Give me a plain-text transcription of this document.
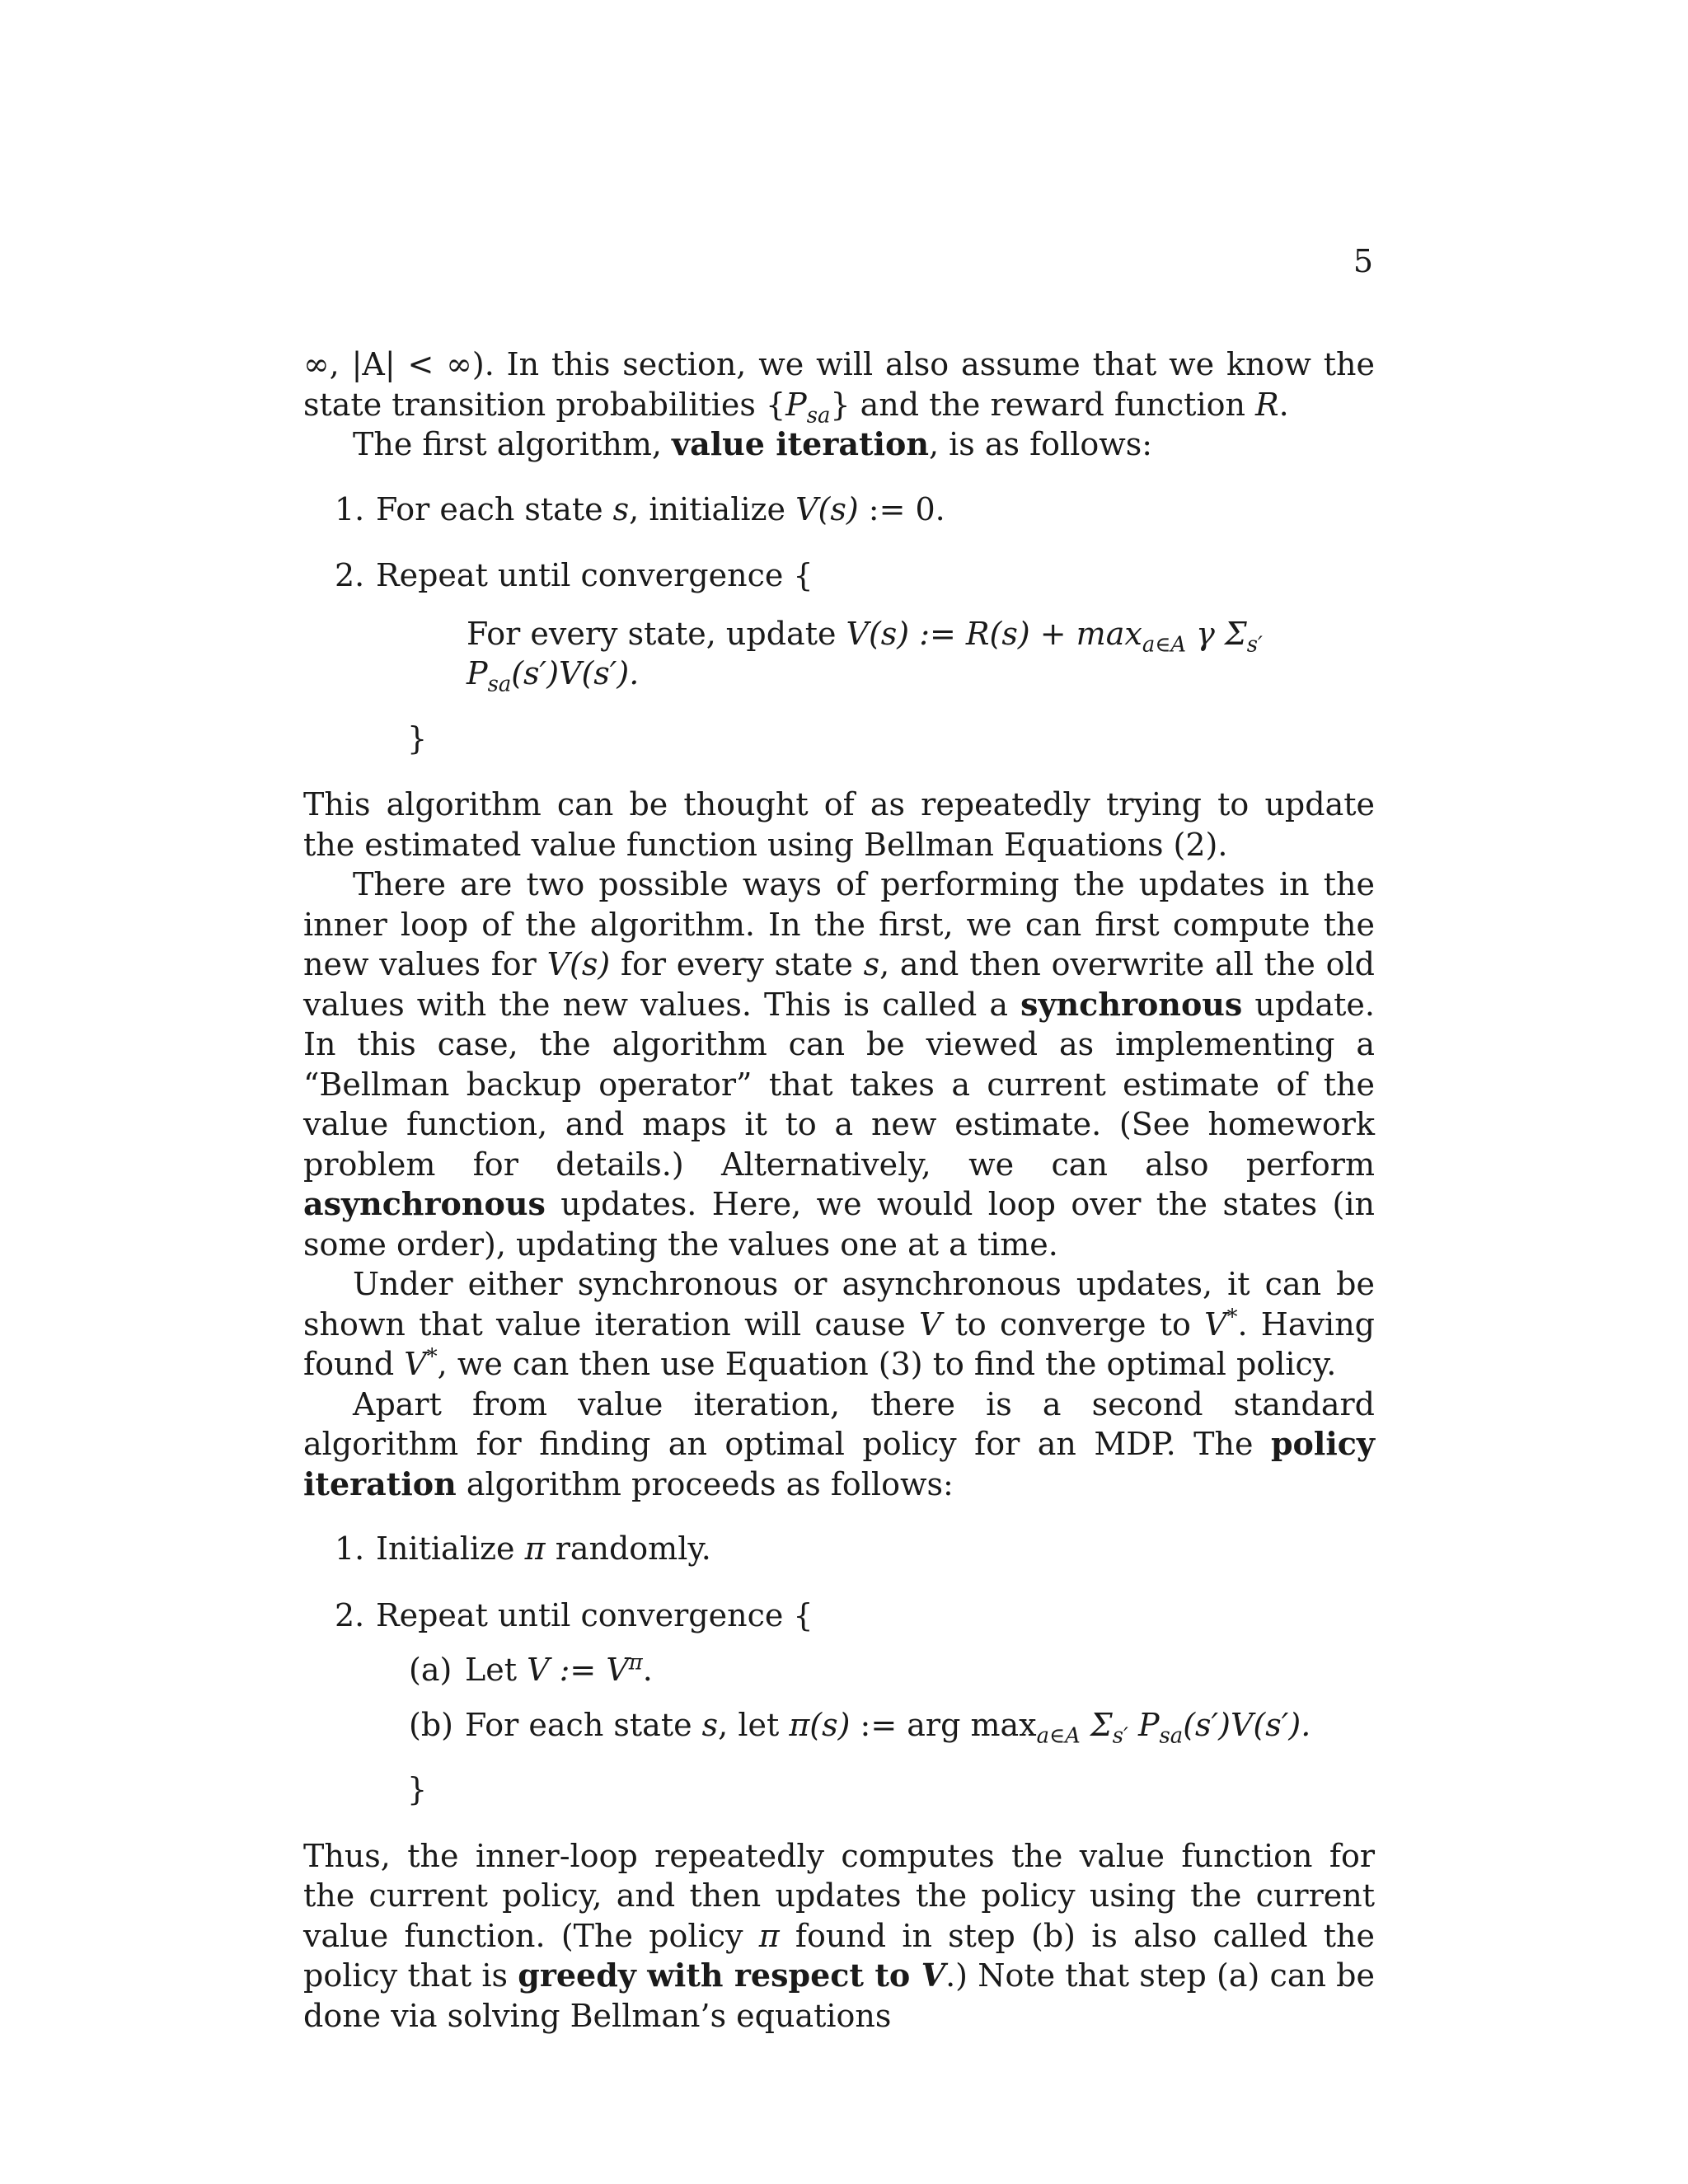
5

∞, |A| < ∞). In this section, we will also assume that we know the state transition probabilities $\{P_{sa}\}$ and the reward function R.

The first algorithm, value iteration, is as follows:

1. For each state s, initialize V(s) := 0.
2. Repeat until convergence {
For every state, update V(s) := $R(s) + \max_{a\in A} \gamma$ $\Sigma_{s'}$ $P_{sa}(s')V(s')$.
}

This algorithm can be thought of as repeatedly trying to update the estimated value function using Bellman Equations (2).

There are two possible ways of performing the updates in the inner loop of the algorithm. In the first, we can first compute the new values for V(s) for every state s, and then overwrite all the old values with the new values. This is called a synchronous update. In this case, the algorithm can be viewed as implementing a “Bellman backup operator” that takes a current estimate of the value function, and maps it to a new estimate. (See homework problem for details.) Alternatively, we can also perform asynchronous updates. Here, we would loop over the states (in some order), updating the values one at a time.

Under either synchronous or asynchronous updates, it can be shown that value iteration will cause V to converge to V*. Having found V*, we can then use Equation (3) to find the optimal policy.

Apart from value iteration, there is a second standard algorithm for finding an optimal policy for an MDP. The policy iteration algorithm proceeds as follows:

1. Initialize π randomly.
2. Repeat until convergence {
(a) Let V := $V^\pi$.
(b) For each state s, let π(s) := arg $\max_{a\in A} \Sigma_{s'}$ $P_{sa}(s')V(s')$.
}

Thus, the inner-loop repeatedly computes the value function for the current policy, and then updates the policy using the current value function. (The policy π found in step (b) is also called the policy that is greedy with respect to V.) Note that step (a) can be done via solving Bellman’s equations
